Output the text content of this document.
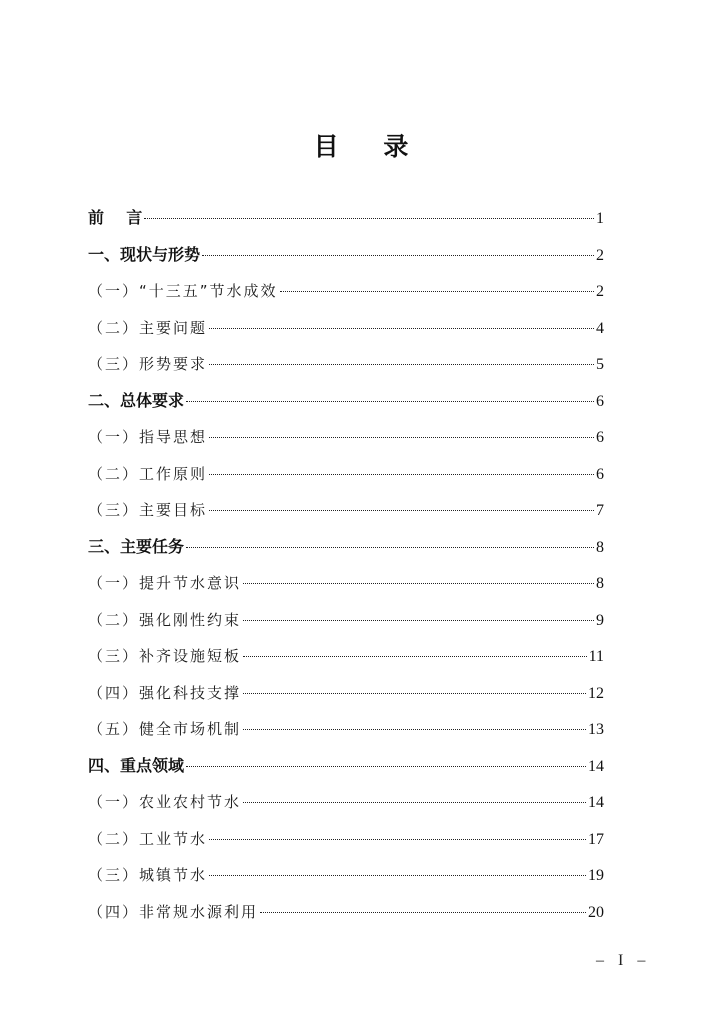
目    录
前    言	1
一、现状与形势	2
（一）“十三五”节水成效	2
（二）主要问题	4
（三）形势要求	5
二、总体要求	6
（一）指导思想	6
（二）工作原则	6
（三）主要目标	7
三、主要任务	8
（一）提升节水意识	8
（二）强化刚性约束	9
（三）补齐设施短板	11
（四）强化科技支撑	12
（五）健全市场机制	13
四、重点领域	14
（一）农业农村节水	14
（二）工业节水	17
（三）城镇节水	19
（四）非常规水源利用	20
– I –
